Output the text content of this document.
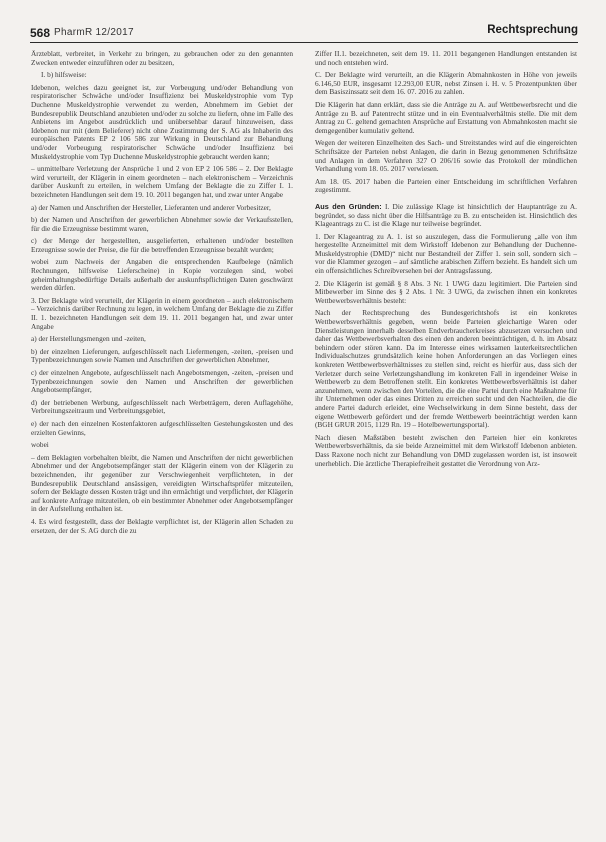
568 PharmR 12/2017	Rechtsprechung

Ärzteblatt, verbreitet, in Verkehr zu bringen, zu gebrauchen oder zu den genannten Zwecken entweder einzuführen oder zu besitzen,

I. b) hilfsweise:

Idebenon, welches dazu geeignet ist, zur Vorbeugung und/oder Behandlung von respiratorischer Schwäche und/oder Insuffizienz bei Muskeldystrophie vom Typ Duchenne Muskeldystrophie verwendet zu werden, Abnehmern im Gebiet der Bundesrepublik Deutschland anzubieten und/oder zu solche zu liefern, ohne im Falle des Anbietens im Angebot ausdrücklich und unübersehbar darauf hinzuweisen, dass Idebenon nur mit (dem Belieferer) nicht ohne Zustimmung der S. AG als Inhaberin des europäischen Patents EP 2 106 586 zur Wirkung in Deutschland zur Behandlung und/oder Vorbeugung respiratorischer Schwäche und/oder Insuffizienz bei Muskeldystrophie vom Typ Duchenne Muskeldystrophie gebraucht werden kann;

– unmittelbare Verletzung der Ansprüche 1 und 2 von EP 2 106 586 – 2. Der Beklagte wird verurteilt, der Klägerin in einem geordneten – nach elektronischem – Verzeichnis darüber Auskunft zu erteilen, in welchem Umfang der Beklagte die zu Ziffer I. 1. bezeichneten Handlungen seit dem 19. 10. 2011 begangen hat, und zwar unter Angabe

a) der Namen und Anschriften der Hersteller, Lieferanten und anderer Vorbesitzer,

b) der Namen und Anschriften der gewerblichen Abnehmer sowie der Verkaufsstellen, für die die Erzeugnisse bestimmt waren,

c) der Menge der hergestellten, ausgelieferten, erhaltenen und/oder bestellten Erzeugnisse sowie der Preise, die für die betreffenden Erzeugnisse bezahlt wurden;

wobei zum Nachweis der Angaben die entsprechenden Kaufbelege (nämlich Rechnungen, hilfsweise Lieferscheine) in Kopie vorzulegen sind, wobei geheimhaltungsbedürftige Details außerhalb der auskunftspflichtigen Daten geschwärzt werden dürfen.

3. Der Beklagte wird verurteilt, der Klägerin in einem geordneten – auch elektronischem – Verzeichnis darüber Rechnung zu legen, in welchem Umfang der Beklagte die zu Ziffer II. 1. bezeichneten Handlungen seit dem 19. 11. 2011 begangen hat, und zwar unter Angabe

a) der Herstellungsmengen und -zeiten,

b) der einzelnen Lieferungen, aufgeschlüsselt nach Liefermengen, -zeiten, -preisen und Typenbezeichnungen sowie Namen und Anschriften der gewerblichen Abnehmer,

c) der einzelnen Angebote, aufgeschlüsselt nach Angebotsmengen, -zeiten, -preisen und Typenbezeichnungen sowie den Namen und Anschriften der gewerblichen Angebotsempfänger,

d) der betriebenen Werbung, aufgeschlüsselt nach Werbeträgern, deren Auflagehöhe, Verbreitungszeitraum und Verbreitungsgebiet,

e) der nach den einzelnen Kostenfaktoren aufgeschlüsselten Gestehungskosten und des erzielten Gewinns,

wobei

– dem Beklagten vorbehalten bleibt, die Namen und Anschriften der nicht gewerblichen Abnehmer und der Angebotsempfänger statt der Klägerin einem von der Klägerin zu bezeichnenden, ihr gegenüber zur Verschwiegenheit verpflichteten, in der Bundesrepublik Deutschland ansässigen, vereidigten Wirtschaftsprüfer mitzuteilen, sofern der Beklagte dessen Kosten trägt und ihn ermächtigt und verpflichtet, der Klägerin auf konkrete Anfrage mitzuteilen, ob ein bestimmter Abnehmer oder Angebotsempfänger in der Aufstellung enthalten ist.

4. Es wird festgestellt, dass der Beklagte verpflichtet ist, der Klägerin allen Schaden zu ersetzen, der der S. AG durch die zu

Ziffer II.1. bezeichneten, seit dem 19. 11. 2011 begangenen Handlungen entstanden ist und noch entstehen wird.

C. Der Beklagte wird verurteilt, an die Klägerin Abmahnkosten in Höhe von jeweils 6.146,50 EUR, insgesamt 12.293,00 EUR, nebst Zinsen i. H. v. 5 Prozentpunkten über dem Basiszinssatz seit dem 16. 07. 2016 zu zahlen.

Die Klägerin hat dann erklärt, dass sie die Anträge zu A. auf Wettbewerbsrecht und die Anträge zu B. auf Patentrecht stütze und in ein Eventualverhältnis stelle. Die mit dem Antrag zu C. geltend gemachten Ansprüche auf Erstattung von Abmahnkosten macht sie demgegenüber kumulativ geltend.

Wegen der weiteren Einzelheiten des Sach- und Streitstandes wird auf die eingereichten Schriftsätze der Parteien nebst Anlagen, die darin in Bezug genommenen Schriftsätze und Anlagen in dem Verfahren 327 O 206/16 sowie das Protokoll der mündlichen Verhandlung vom 18. 05. 2017 verwiesen.

Am 18. 05. 2017 haben die Parteien einer Entscheidung im schriftlichen Verfahren zugestimmt.

Aus den Gründen: I. Die zulässige Klage ist hinsichtlich der Hauptanträge zu A. begründet, so dass nicht über die Hilfsanträge zu B. zu entscheiden ist. Hinsichtlich des Klageantrags zu C. ist die Klage nur teilweise begründet.

1. Der Klageantrag zu A. 1. ist so auszulegen, dass die Formulierung „alle von ihm hergestellte Arzneimittel mit dem Wirkstoff Idebenon zur Behandlung der Duchenne-Muskeldystrophie (DMD)“ nicht nur Bestandteil der Ziffer 1. sein soll, sondern sich – vor die Klammer gezogen – auf sämtliche arabischen Ziffern bezieht. Es handelt sich um ein offensichtliches Schreibversehen bei der Antragsfassung.

2. Die Klägerin ist gemäß § 8 Abs. 3 Nr. 1 UWG dazu legitimiert. Die Parteien sind Mitbewerber im Sinne des § 2 Abs. 1 Nr. 3 UWG, da zwischen ihnen ein konkretes Wettbewerbsverhältnis besteht:

Nach der Rechtsprechung des Bundesgerichtshofs ist ein konkretes Wettbewerbsverhältnis gegeben, wenn beide Parteien gleichartige Waren oder Dienstleistungen innerhalb desselben Endverbraucherkreises abzusetzen versuchen und daher das Wettbewerbsverhalten des einen den anderen beeinträchtigen, d. h. im Absatz behindern oder stören kann. Da im Interesse eines wirksamen lauterkeitsrechtlichen Individualschutzes grundsätzlich keine hohen Anforderungen an das Vorliegen eines konkreten Wettbewerbsverhältnisses zu stellen sind, reicht es hierfür aus, dass sich der Verletzer durch seine Verletzungshandlung im konkreten Fall in irgendeiner Weise in Wettbewerb zu dem Betroffenen stellt. Ein konkretes Wettbewerbsverhältnis ist daher anzunehmen, wenn zwischen den Vorteilen, die die eine Partei durch eine Maßnahme für ihr Unternehmen oder das eines Dritten zu erreichen sucht und den Nachteilen, die die andere Partei dadurch erleidet, eine Wechselwirkung in dem Sinne besteht, dass der eigene Wettbewerb gefördert und der fremde Wettbewerb beeinträchtigt werden kann (BGH GRUR 2015, 1129 Rn. 19 – Hotelbewertungsportal).

Nach diesen Maßstäben besteht zwischen den Parteien hier ein konkretes Wettbewerbsverhältnis, da sie beide Arzneimittel mit dem Wirkstoff Idebenon anbieten. Dass Raxone noch nicht zur Behandlung von DMD zugelassen worden ist, ist insoweit unerheblich. Die ärztliche Therapiefreiheit gestattet die Verordnung von Arz-
